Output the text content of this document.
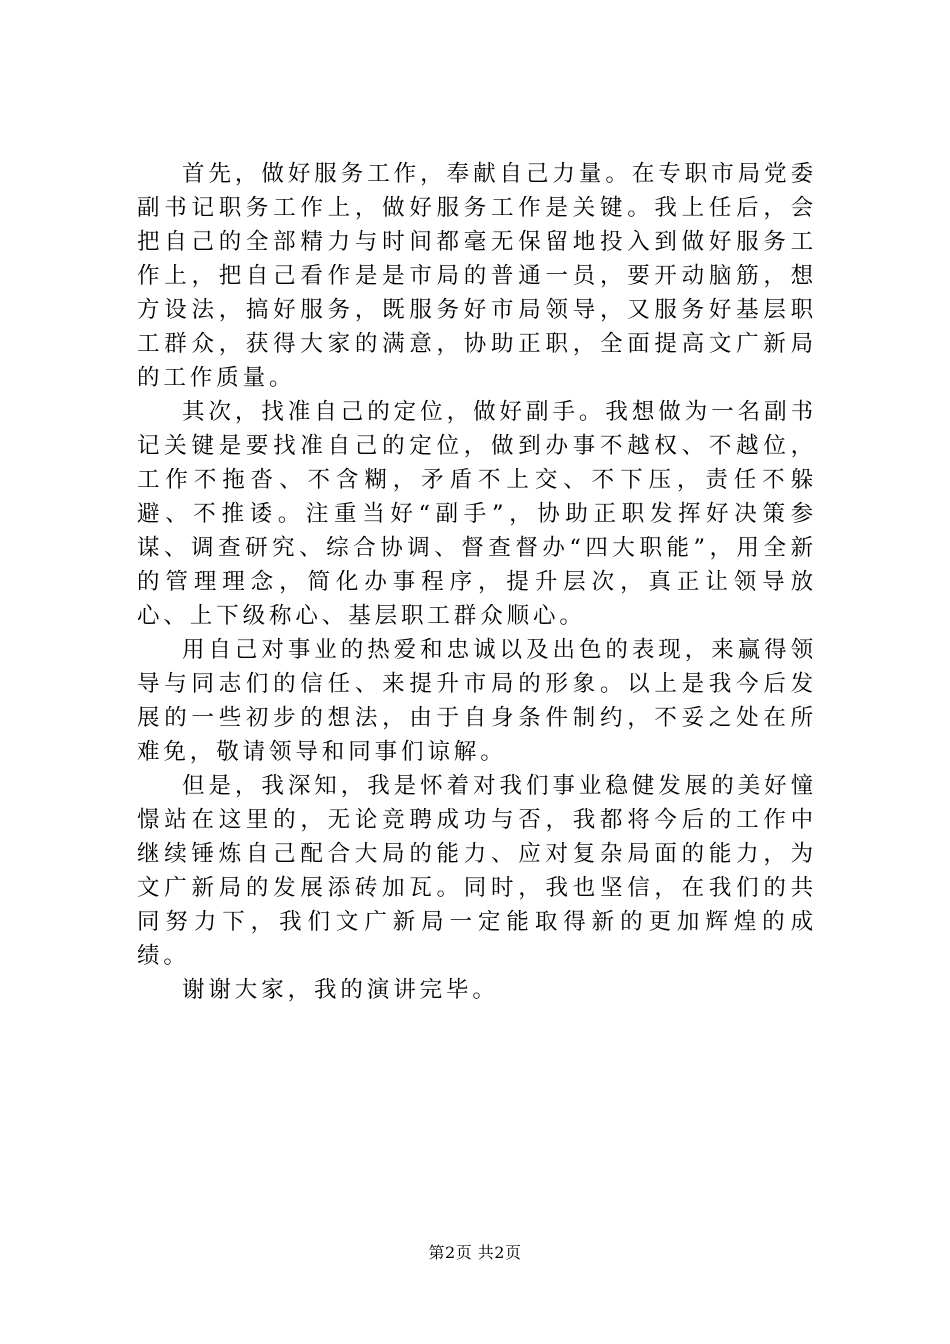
首先，做好服务工作，奉献自己力量。在专职市局党委副书记职务工作上，做好服务工作是关键。我上任后，会把自己的全部精力与时间都毫无保留地投入到做好服务工作上，把自己看作是是市局的普通一员，要开动脑筋，想方设法，搞好服务，既服务好市局领导，又服务好基层职工群众，获得大家的满意，协助正职，全面提高文广新局的工作质量。

其次，找准自己的定位，做好副手。我想做为一名副书记关键是要找准自己的定位，做到办事不越权、不越位，工作不拖沓、不含糊，矛盾不上交、不下压，责任不躲避、不推诿。注重当好“副手”，协助正职发挥好决策参谋、调查研究、综合协调、督查督办“四大职能”，用全新的管理理念，简化办事程序，提升层次，真正让领导放心、上下级称心、基层职工群众顺心。

用自己对事业的热爱和忠诚以及出色的表现，来赢得领导与同志们的信任、来提升市局的形象。以上是我今后发展的一些初步的想法，由于自身条件制约，不妥之处在所难免，敬请领导和同事们谅解。

但是，我深知，我是怀着对我们事业稳健发展的美好憧憬站在这里的，无论竞聘成功与否，我都将今后的工作中继续锤炼自己配合大局的能力、应对复杂局面的能力，为文广新局的发展添砖加瓦。同时，我也坚信，在我们的共同努力下，我们文广新局一定能取得新的更加辉煌的成绩。

谢谢大家，我的演讲完毕。

第2页 共2页
